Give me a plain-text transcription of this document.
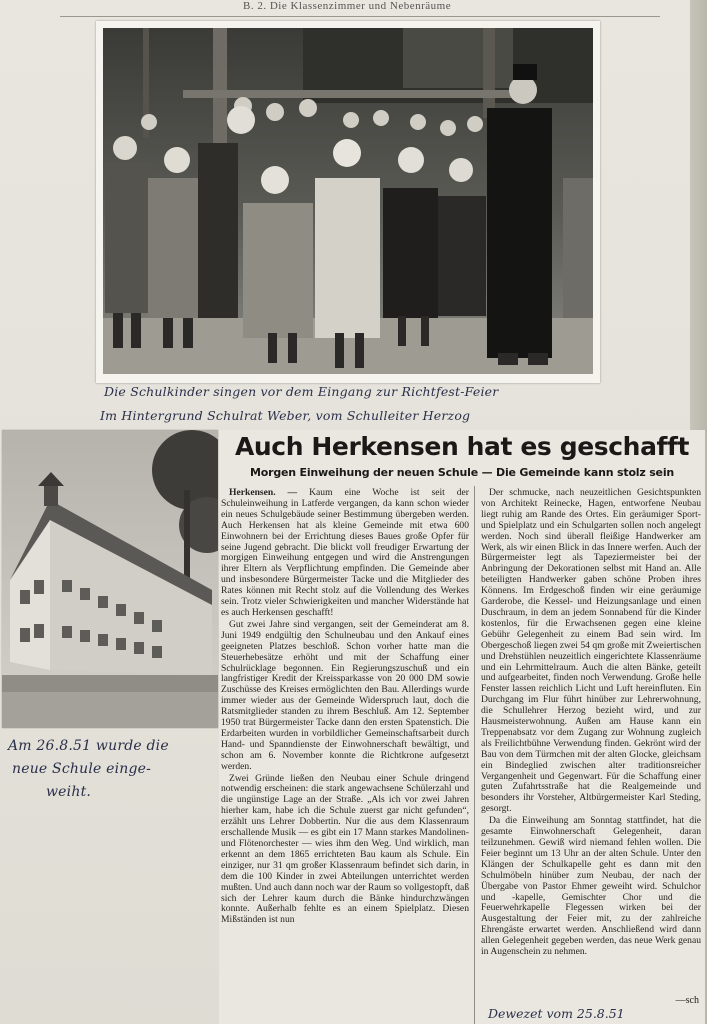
B. 2. Die Klassenzimmer und Nebenräume
Die Schulkinder singen vor dem Eingang zur Richtfest-Feier
Im Hintergrund Schulrat Weber, vom Schulleiter Herzog
Am 26.8.51 wurde die
neue Schule einge-
weiht.
Auch Herkensen hat es geschafft
Morgen Einweihung der neuen Schule — Die Gemeinde kann stolz sein

Herkensen. — Kaum eine Woche ist seit der Schuleinweihung in Latferde vergangen, da kann schon wieder ein neues Schulgebäude seiner Bestimmung übergeben werden. Auch Herkensen hat als kleine Gemeinde mit etwa 600 Einwohnern bei der Errichtung dieses Baues große Opfer für seine Jugend gebracht. Die blickt voll freudiger Erwartung der morgigen Einweihung entgegen und wird die Anstrengungen ihrer Eltern als Verpflichtung empfinden. Die Gemeinde aber und insbesondere Bürgermeister Tacke und die Mitglieder des Rates können mit Recht stolz auf die Vollendung des Werkes sein. Trotz vieler Schwierigkeiten und mancher Widerstände hat es auch Herkensen geschafft!

Gut zwei Jahre sind vergangen, seit der Gemeinderat am 8. Juni 1949 endgültig den Schulneubau und den Ankauf eines geeigneten Platzes beschloß. Schon vorher hatte man die Steuerhebesätze erhöht und mit der Schaffung einer Schulrücklage begonnen. Ein Regierungszuschuß und ein langfristiger Kredit der Kreissparkasse von 20 000 DM sowie Zuschüsse des Kreises ermöglichten den Bau. Allerdings wurde immer wieder aus der Gemeinde Widerspruch laut, doch die Ratsmitglieder standen zu ihrem Beschluß. Am 12. September 1950 trat Bürgermeister Tacke dann den ersten Spatenstich. Die Erdarbeiten wurden in vorbildlicher Gemeinschaftsarbeit durch Hand- und Spanndienste der Einwohnerschaft bewältigt, und schon am 6. November konnte die Richtkrone aufgesetzt werden.

Zwei Gründe ließen den Neubau einer Schule dringend notwendig erscheinen: die stark angewachsene Schülerzahl und die ungünstige Lage an der Straße. „Als ich vor zwei Jahren hierher kam, habe ich die Schule zuerst gar nicht gefunden“, erzählt uns Lehrer Dobbertin. Nur die aus dem Klassenraum erschallende Musik — es gibt ein 17 Mann starkes Mandolinen- und Flötenorchester — wies ihm den Weg. Und wirklich, man erkennt an dem 1865 errichteten Bau kaum als Schule. Ein einziger, nur 31 qm großer Klassenraum befindet sich darin, in dem die 100 Kinder in zwei Abteilungen unterrichtet werden mußten. Und auch dann noch war der Raum so vollgestopft, daß sich der Lehrer kaum durch die Bänke hindurchzwängen konnte. Außerhalb fehlte es an einem Spielplatz. Diesen Mißständen ist nun

Der schmucke, nach neuzeitlichen Gesichtspunkten von Architekt Reinecke, Hagen, entworfene Neubau liegt ruhig am Rande des Ortes. Ein geräumiger Sport- und Spielplatz und ein Schulgarten sollen noch angelegt werden. Noch sind überall fleißige Handwerker am Werk, als wir einen Blick in das Innere werfen. Auch der Bürgermeister legt als Tapeziermeister bei der Anbringung der Dekorationen selbst mit Hand an. Alle beteiligten Handwerker gaben schöne Proben ihres Könnens. Im Erdgeschoß finden wir eine geräumige Garderobe, die Kessel- und Heizungsanlage und einen Duschraum, in dem an jedem Sonnabend für die Kinder kostenlos, für die Erwachsenen gegen eine kleine Gebühr Gelegenheit zu einem Bad sein wird. Im Obergeschoß liegen zwei 54 qm große mit Zweiertischen und Drehstühlen neuzeitlich eingerichtete Klassenräume und ein Lehrmittelraum. Auch die alten Bänke, geteilt und aufgearbeitet, finden noch Verwendung. Große helle Fenster lassen reichlich Licht und Luft hereinfluten. Ein Durchgang im Flur führt hinüber zur Lehrerwohnung, die Schullehrer Herzog bezieht wird, und zur Hausmeisterwohnung. Außen am Hause kann ein Treppenabsatz vor dem Zugang zur Wohnung zugleich als Freilichtbühne Verwendung finden. Gekrönt wird der Bau von dem Türmchen mit der alten Glocke, gleichsam ein Bindeglied zwischen alter traditionsreicher Vergangenheit und Gegenwart. Für die Schaffung einer guten Zufahrtsstraße hat die Realgemeinde und besonders ihr Vorsteher, Altbürgermeister Karl Steding, gesorgt.

Da die Einweihung am Sonntag stattfindet, hat die gesamte Einwohnerschaft Gelegenheit, daran teilzunehmen. Gewiß wird niemand fehlen wollen. Die Feier beginnt um 13 Uhr an der alten Schule. Unter den Klängen der Schulkapelle geht es dann mit den Schulmöbeln hinüber zum Neubau, der nach der Übergabe von Pastor Ehmer geweiht wird. Schulchor und -kapelle, Gemischter Chor und die Feuerwehrkapelle Flegessen wirken bei der Ausgestaltung der Feier mit, zu der zahlreiche Ehrengäste erwartet werden. Anschließend wird dann allen Gelegenheit gegeben werden, das neue Werk genau in Augenschein zu nehmen.

—sch
Dewezet vom 25.8.51
